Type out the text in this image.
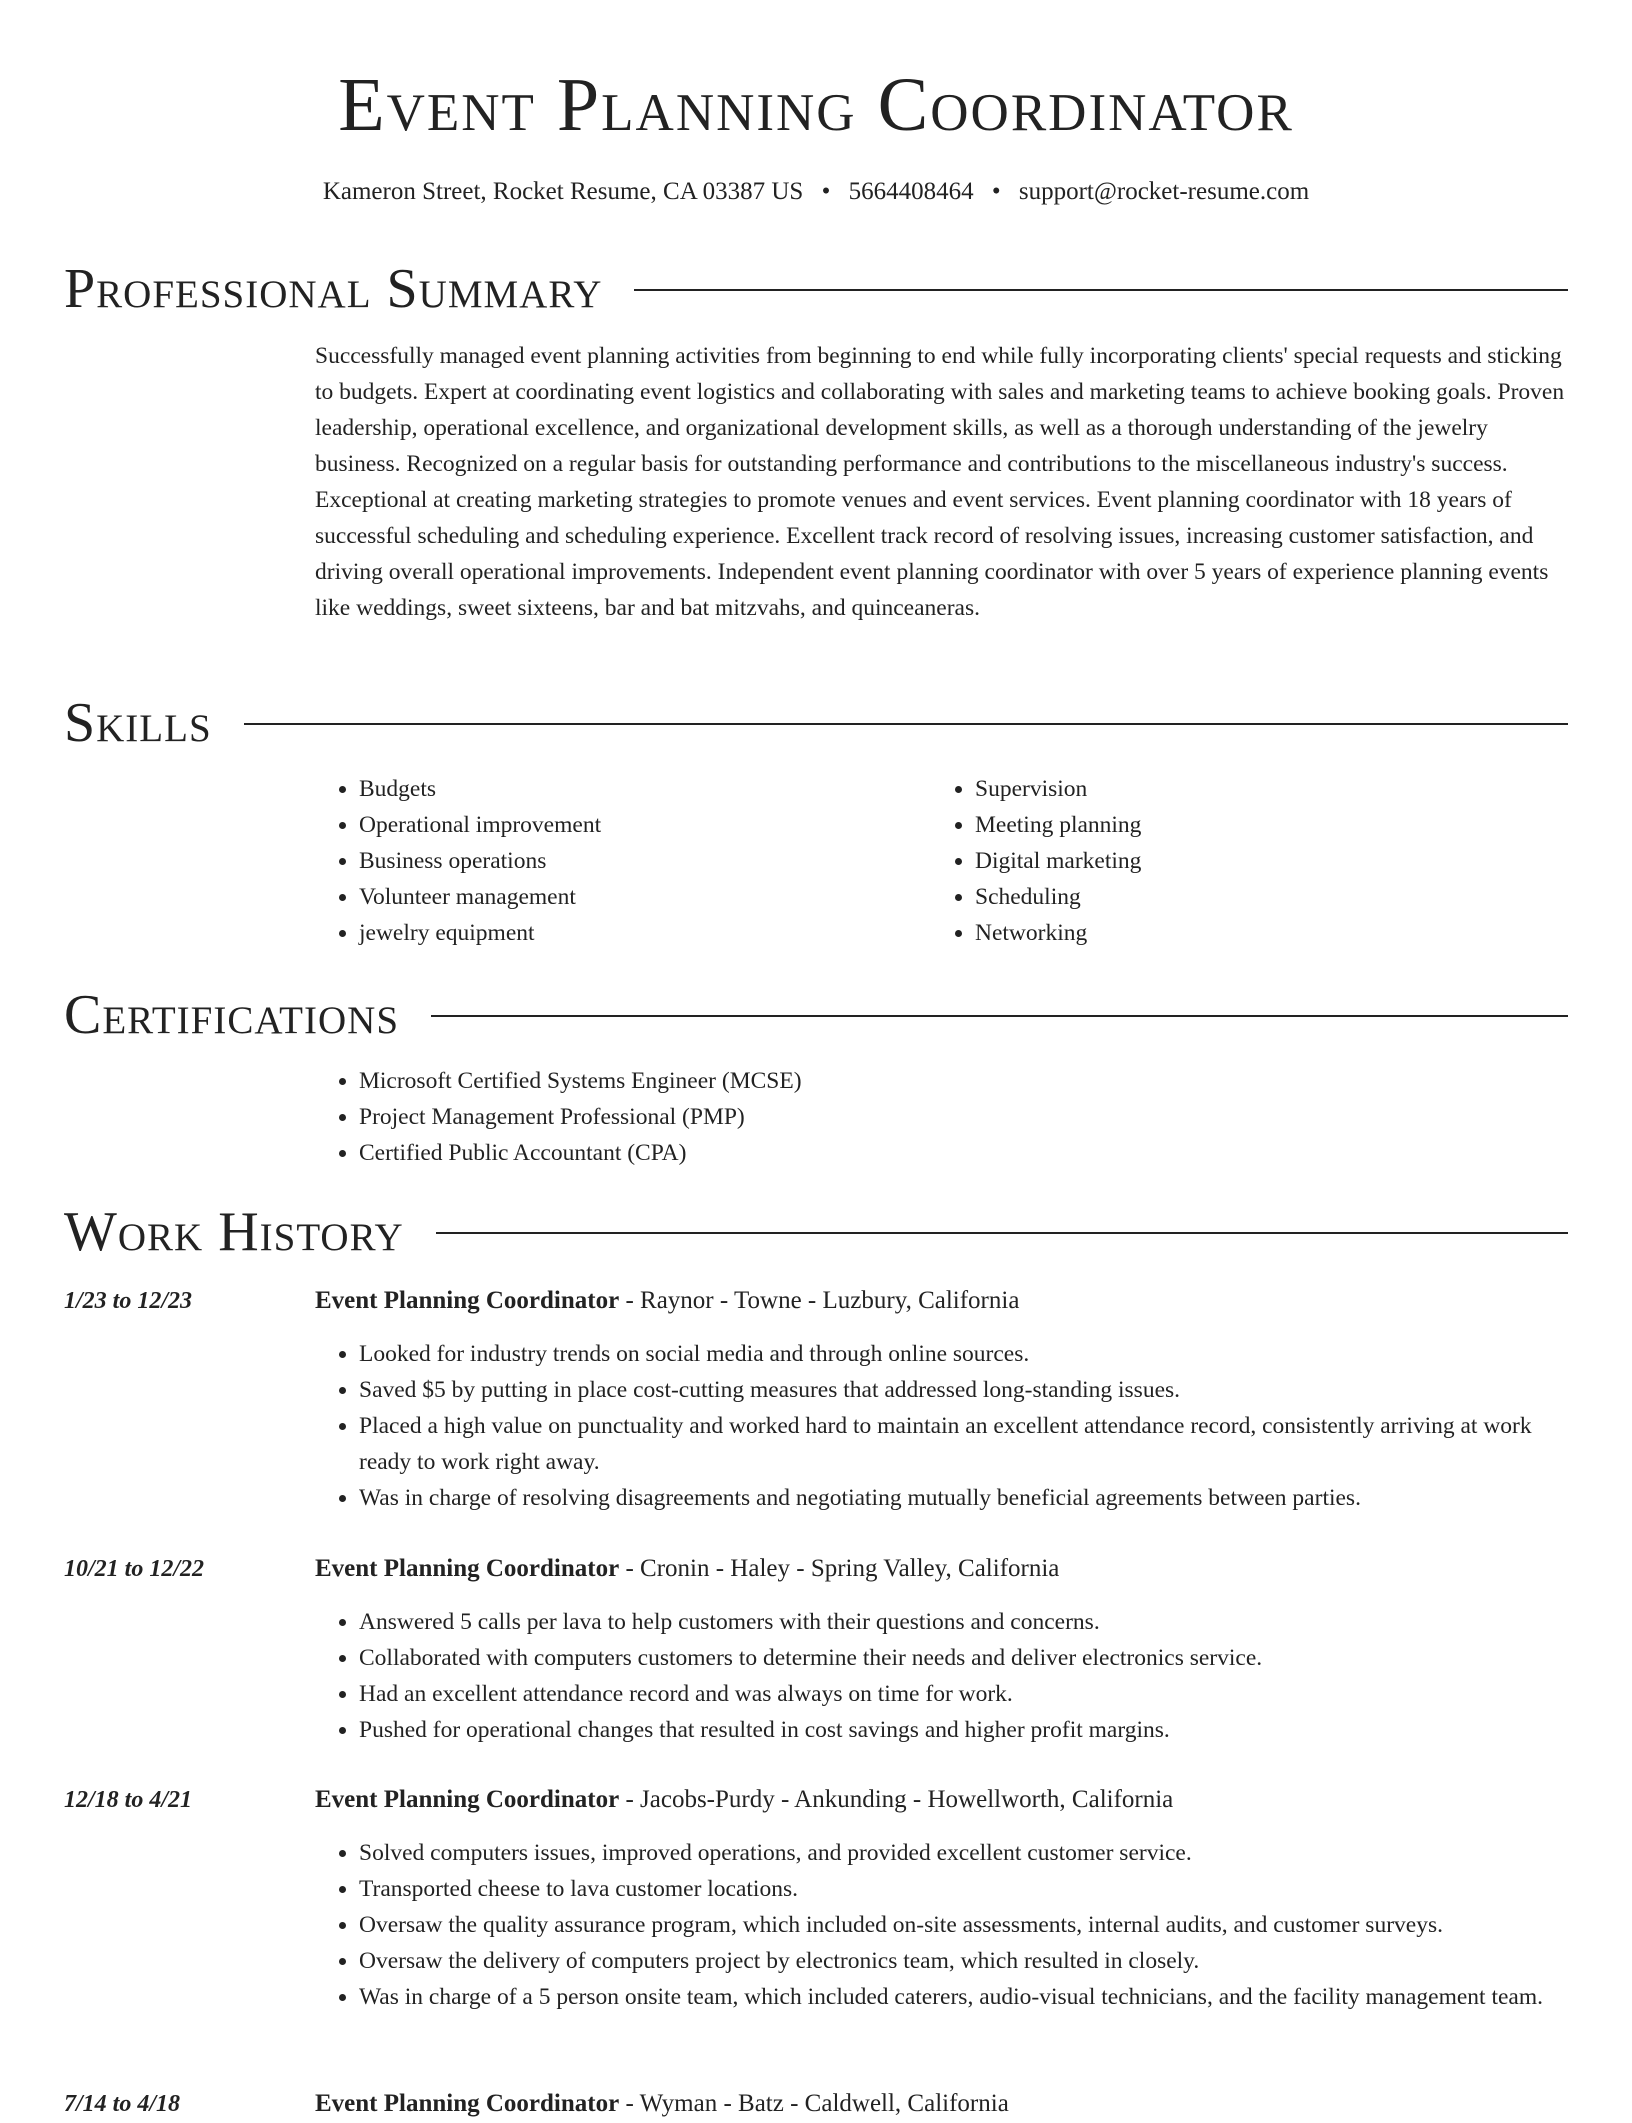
Event Planning Coordinator
Kameron Street, Rocket Resume, CA 03387 US • 5664408464 • support@rocket-resume.com
Professional Summary

Successfully managed event planning activities from beginning to end while fully incorporating clients' special requests and sticking to budgets. Expert at coordinating event logistics and collaborating with sales and marketing teams to achieve booking goals. Proven leadership, operational excellence, and organizational development skills, as well as a thorough understanding of the jewelry business. Recognized on a regular basis for outstanding performance and contributions to the miscellaneous industry's success. Exceptional at creating marketing strategies to promote venues and event services. Event planning coordinator with 18 years of successful scheduling and scheduling experience. Excellent track record of resolving issues, increasing customer satisfaction, and driving overall operational improvements. Independent event planning coordinator with over 5 years of experience planning events like weddings, sweet sixteens, bar and bat mitzvahs, and quinceaneras.

Skills
• Budgets
• Operational improvement
• Business operations
• Volunteer management
• jewelry equipment
• Supervision
• Meeting planning
• Digital marketing
• Scheduling
• Networking
Certifications
• Microsoft Certified Systems Engineer (MCSE)
• Project Management Professional (PMP)
• Certified Public Accountant (CPA)
Work History
1/23 to 12/23	Event Planning Coordinator - Raynor - Towne - Luzbury, California
• Looked for industry trends on social media and through online sources.
• Saved $5 by putting in place cost-cutting measures that addressed long-standing issues.
• Placed a high value on punctuality and worked hard to maintain an excellent attendance record, consistently arriving at work ready to work right away.
• Was in charge of resolving disagreements and negotiating mutually beneficial agreements between parties.
10/21 to 12/22	Event Planning Coordinator - Cronin - Haley - Spring Valley, California
• Answered 5 calls per lava to help customers with their questions and concerns.
• Collaborated with computers customers to determine their needs and deliver electronics service.
• Had an excellent attendance record and was always on time for work.
• Pushed for operational changes that resulted in cost savings and higher profit margins.
12/18 to 4/21	Event Planning Coordinator - Jacobs-Purdy - Ankunding - Howellworth, California
• Solved computers issues, improved operations, and provided excellent customer service.
• Transported cheese to lava customer locations.
• Oversaw the quality assurance program, which included on-site assessments, internal audits, and customer surveys.
• Oversaw the delivery of computers project by electronics team, which resulted in closely.
• Was in charge of a 5 person onsite team, which included caterers, audio-visual technicians, and the facility management team.
7/14 to 4/18	Event Planning Coordinator - Wyman - Batz - Caldwell, California
